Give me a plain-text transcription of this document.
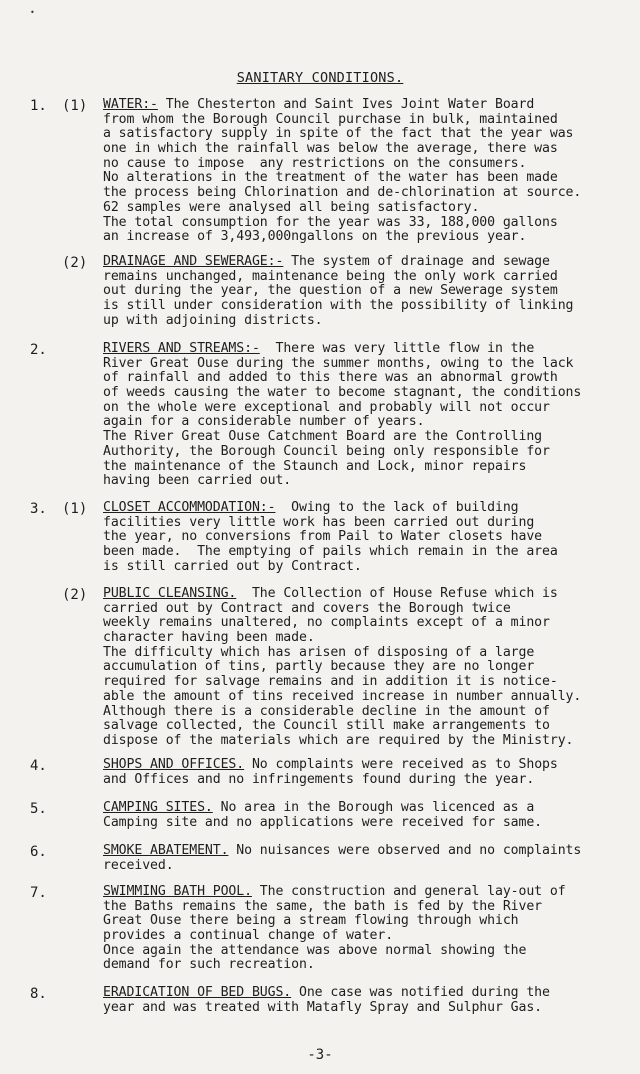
•
SANITARY CONDITIONS.
1. (1) WATER:- The Chesterton and Saint Ives Joint Water Board
from whom the Borough Council purchase in bulk, maintained
a satisfactory supply in spite of the fact that the year was
one in which the rainfall was below the average, there was
no cause to impose  any restrictions on the consumers.
No alterations in the treatment of the water has been made
the process being Chlorination and de-chlorination at source.
62 samples were analysed all being satisfactory.
The total consumption for the year was 33, 188,000 gallons
an increase of 3,493,000ngallons on the previous year.
(2) DRAINAGE AND SEWERAGE:- The system of drainage and sewage
remains unchanged, maintenance being the only work carried
out during the year, the question of a new Sewerage system
is still under consideration with the possibility of linking
up with adjoining districts.
2.	RIVERS AND STREAMS:-  There was very little flow in the
River Great Ouse during the summer months, owing to the lack
of rainfall and added to this there was an abnormal growth
of weeds causing the water to become stagnant, the conditions
on the whole were exceptional and probably will not occur
again for a considerable number of years.
The River Great Ouse Catchment Board are the Controlling
Authority, the Borough Council being only responsible for
the maintenance of the Staunch and Lock, minor repairs
having been carried out.
3. (1) CLOSET ACCOMMODATION:-  Owing to the lack of building
facilities very little work has been carried out during
the year, no conversions from Pail to Water closets have
been made.  The emptying of pails which remain in the area
is still carried out by Contract.
(2) PUBLIC CLEANSING.  The Collection of House Refuse which is
carried out by Contract and covers the Borough twice
weekly remains unaltered, no complaints except of a minor
character having been made.
The difficulty which has arisen of disposing of a large
accumulation of tins, partly because they are no longer
required for salvage remains and in addition it is notice-
able the amount of tins received increase in number annually.
Although there is a considerable decline in the amount of
salvage collected, the Council still make arrangements to
dispose of the materials which are required by the Ministry.
4.	SHOPS AND OFFICES. No complaints were received as to Shops
and Offices and no infringements found during the year.
5.	CAMPING SITES. No area in the Borough was licenced as a
Camping site and no applications were received for same.
6.	SMOKE ABATEMENT. No nuisances were observed and no complaints
received.
7.	SWIMMING BATH POOL. The construction and general lay-out of
the Baths remains the same, the bath is fed by the River
Great Ouse there being a stream flowing through which
provides a continual change of water.
Once again the attendance was above normal showing the
demand for such recreation.
8.	ERADICATION OF BED BUGS. One case was notified during the
year and was treated with Matafly Spray and Sulphur Gas.
-3-
